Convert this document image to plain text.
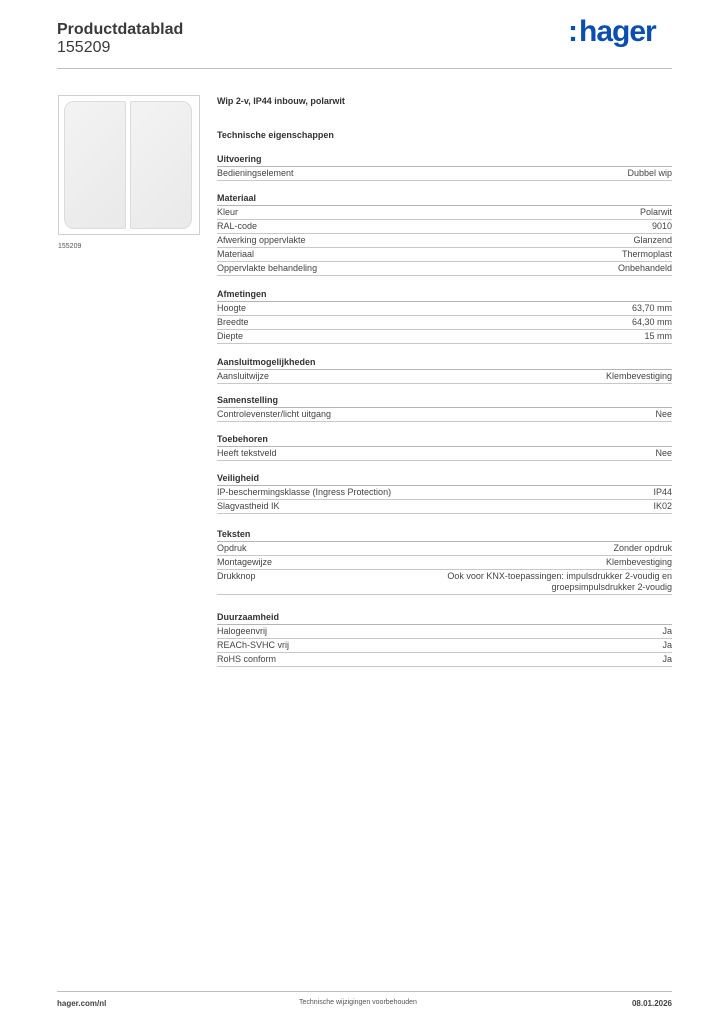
Productdatablad
155209	:hager
155209
Wip 2-v, IP44 inbouw, polarwit
Technische eigenschappen
Uitvoering
Bedieningselement	Dubbel wip
Materiaal
Kleur	Polarwit
RAL-code	9010
Afwerking oppervlakte	Glanzend
Materiaal	Thermoplast
Oppervlakte behandeling	Onbehandeld
Afmetingen
Hoogte	63,70 mm
Breedte	64,30 mm
Diepte	15 mm
Aansluitmogelijkheden
Aansluitwijze	Klembevestiging
Samenstelling
Controlevenster/licht uitgang	Nee
Toebehoren
Heeft tekstveld	Nee
Veiligheid
IP-beschermingsklasse (Ingress Protection)	IP44
Slagvastheid IK	IK02
Teksten
Opdruk	Zonder opdruk
Montagewijze	Klembevestiging
Drukknop	Ook voor KNX-toepassingen: impulsdrukker 2-voudig en groepsimpulsdrukker 2-voudig
Duurzaamheid
Halogeenvrij	Ja
REACh-SVHC vrij	Ja
RoHS conform	Ja
hager.com/nl	Technische wijzigingen voorbehouden	08.01.2026
